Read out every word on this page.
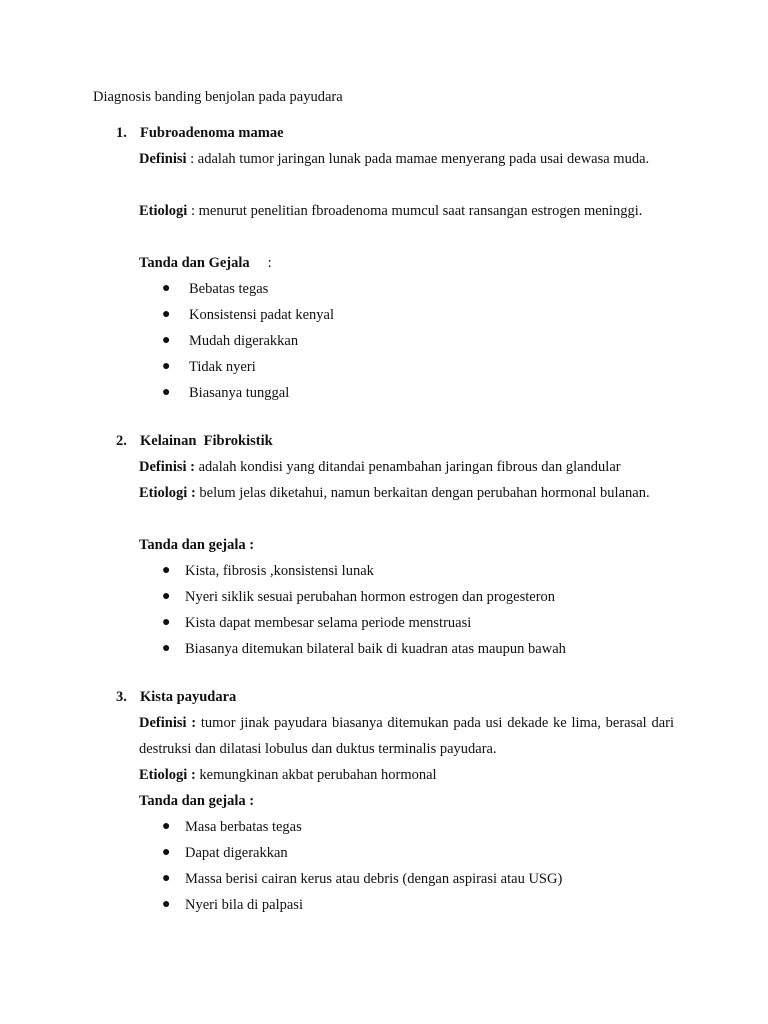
Diagnosis banding benjolan pada payudara
1. Fubroadenoma mamae
Definisi : adalah tumor jaringan lunak pada mamae menyerang pada usai dewasa muda.
Etiologi : menurut penelitian fbroadenoma mumcul saat ransangan estrogen meninggi.
Tanda dan Gejala :
● Bebatas tegas
● Konsistensi padat kenyal
● Mudah digerakkan
● Tidak nyeri
● Biasanya tunggal
2. Kelainan  Fibrokistik
Definisi : adalah kondisi yang ditandai penambahan jaringan fibrous dan glandular
Etiologi : belum jelas diketahui, namun berkaitan dengan perubahan hormonal bulanan.
Tanda dan gejala :
● Kista, fibrosis ,konsistensi lunak
● Nyeri siklik sesuai perubahan hormon estrogen dan progesteron
● Kista dapat membesar selama periode menstruasi
● Biasanya ditemukan bilateral baik di kuadran atas maupun bawah
3. Kista payudara
Definisi : tumor jinak payudara biasanya ditemukan pada usi dekade ke lima, berasal dari destruksi dan dilatasi lobulus dan duktus terminalis payudara.
Etiologi : kemungkinan akbat perubahan hormonal
Tanda dan gejala :
● Masa berbatas tegas
● Dapat digerakkan
● Massa berisi cairan kerus atau debris (dengan aspirasi atau USG)
● Nyeri bila di palpasi
